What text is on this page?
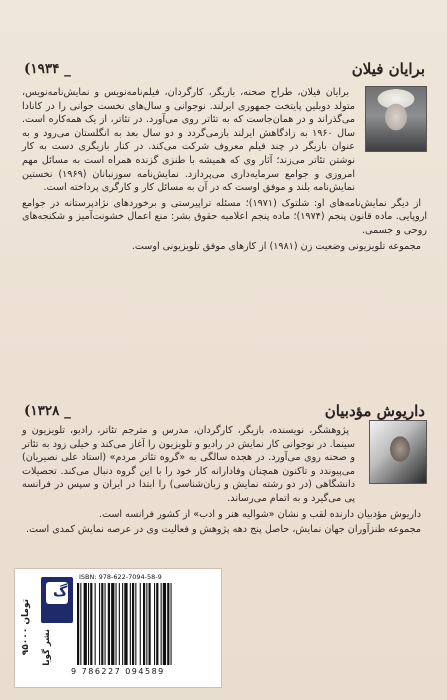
برایان فیلان
(۱۹۳۴ _

برایان فیلان، طراح صحنه، بازیگر، کارگردان، فیلم‌نامه‌نویس و نمایش‌نامه‌نویس، متولد دوبلین پایتخت جمهوری ایرلند. نوجوانی و سال‌های نخست جوانی را در کانادا می‌گذراند و در همان‌جاست که به تئاتر روی می‌آورد. در تئاتر، از یک همه‌کاره است. سال ۱۹۶۰ به زادگاهش ایرلند بازمی‌گردد و دو سال بعد به انگلستان می‌رود و به عنوان بازیگر در چند فیلم معروف شرکت می‌کند. در کنار بازیگری دست به کار نوشتن تئاتر می‌زند؛ آثار وی که همیشه با طنزی گزنده همراه است به مسائل مهم امروزی و جوامع سرمایه‌داری می‌پردازد. نمایش‌نامه سوزنبانان (۱۹۶۹) نخستین نمایش‌نامه بلند و موفق اوست که در آن به مسائل کار و کارگری پرداخته است.

از دیگر نمایش‌نامه‌های او: شلتوک (۱۹۷۱)؛ مسئله تراپیرستی و برخوردهای نژادپرستانه در جوامع اروپایی. ماده قانون پنجم (۱۹۷۴)؛ ماده پنجم اعلامیه حقوق بشر: منع اعمال خشونت‌آمیز و شکنجه‌های روحی و جسمی.

مجموعه تلویزیونی وضعیت زن (۱۹۸۱) از کارهای موفق تلویزیونی اوست.

داریوش مؤدبیان
(۱۳۲۸ _

پژوهشگر، نویسنده، بازیگر، کارگردان، مدرس و مترجم تئاتر، رادیو، تلویزیون و سینما. در نوجوانی کار نمایش در رادیو و تلویزیون را آغاز می‌کند و خیلی زود به تئاتر و صحنه روی می‌آورد. در هجده سالگی به «گروه تئاتر مردم» (استاد علی نصیریان) می‌پیوندد و تاکنون همچنان وفادارانه کار خود را با این گروه دنبال می‌کند. تحصیلات دانشگاهی (در دو رشته نمایش و زبان‌شناسی) را ابتدا در ایران و سپس در فرانسه پی می‌گیرد و به اتمام می‌رساند.

داریوش مؤدبیان دارنده لقب و نشان «شوالیه هنر و ادب» از کشور فرانسه است.

مجموعه طنزآوران جهان نمایش، حاصل پنج دهه پژوهش و فعالیت وی در عرصه نمایش کمدی است.

۹۵۰۰۰ تومان
گ
نشر گویا
ISBN: 978-622-7094-58-9
9 786227 094589
